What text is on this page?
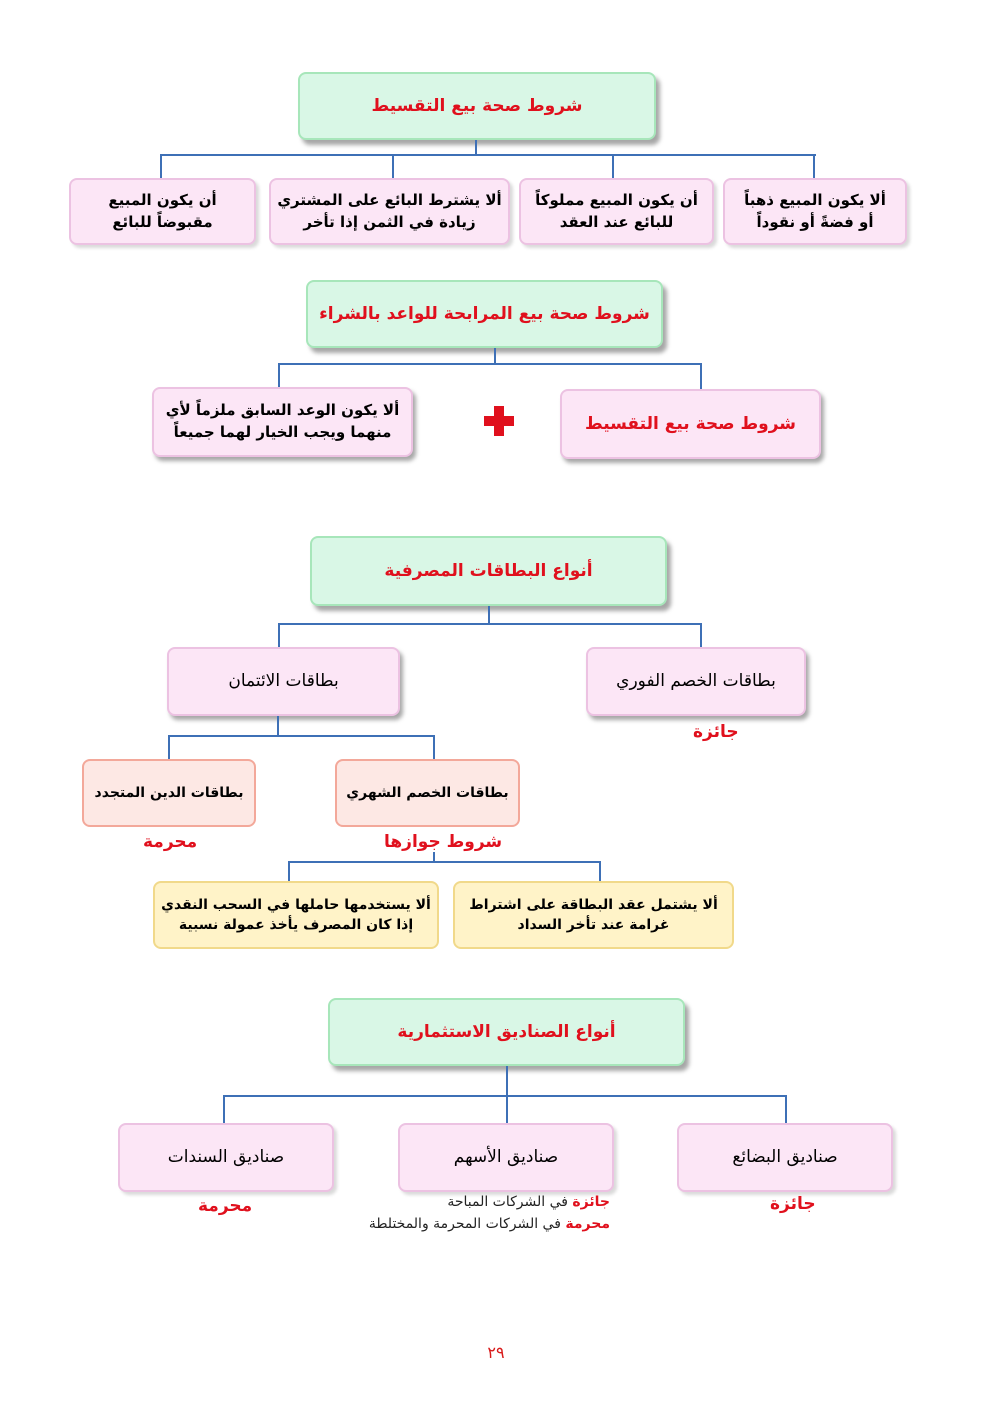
شروط صحة بيع التقسيط
ألا يكون المبيع ذهباً
أو فضةً أو نقوداً
أن يكون المبيع مملوكاً
للبائع عند العقد
ألا يشترط البائع على المشتري
زيادة في الثمن إذا تأخر
أن يكون المبيع
مقبوضاً للبائع
شروط صحة بيع المرابحة للواعد بالشراء
شروط صحة بيع التقسيط
ألا يكون الوعد السابق ملزماً لأي
منهما ويجب الخيار لهما جميعاً
أنواع البطاقات المصرفية
بطاقات الخصم الفوري
جائزة
بطاقات الائتمان
بطاقات الخصم الشهري
شروط جوازها
بطاقات الدين المتجدد
محرمة
ألا يشتمل عقد البطاقة على اشتراط
غرامة عند تأخر السداد
ألا يستخدمها حاملها في السحب النقدي
إذا كان المصرف يأخذ عمولة نسبية
أنواع الصناديق الاستثمارية
صناديق البضائع
جائزة
صناديق الأسهم
جائزة في الشركات المباحة
محرمة في الشركات المحرمة والمختلطة
صناديق السندات
محرمة
٢٩
